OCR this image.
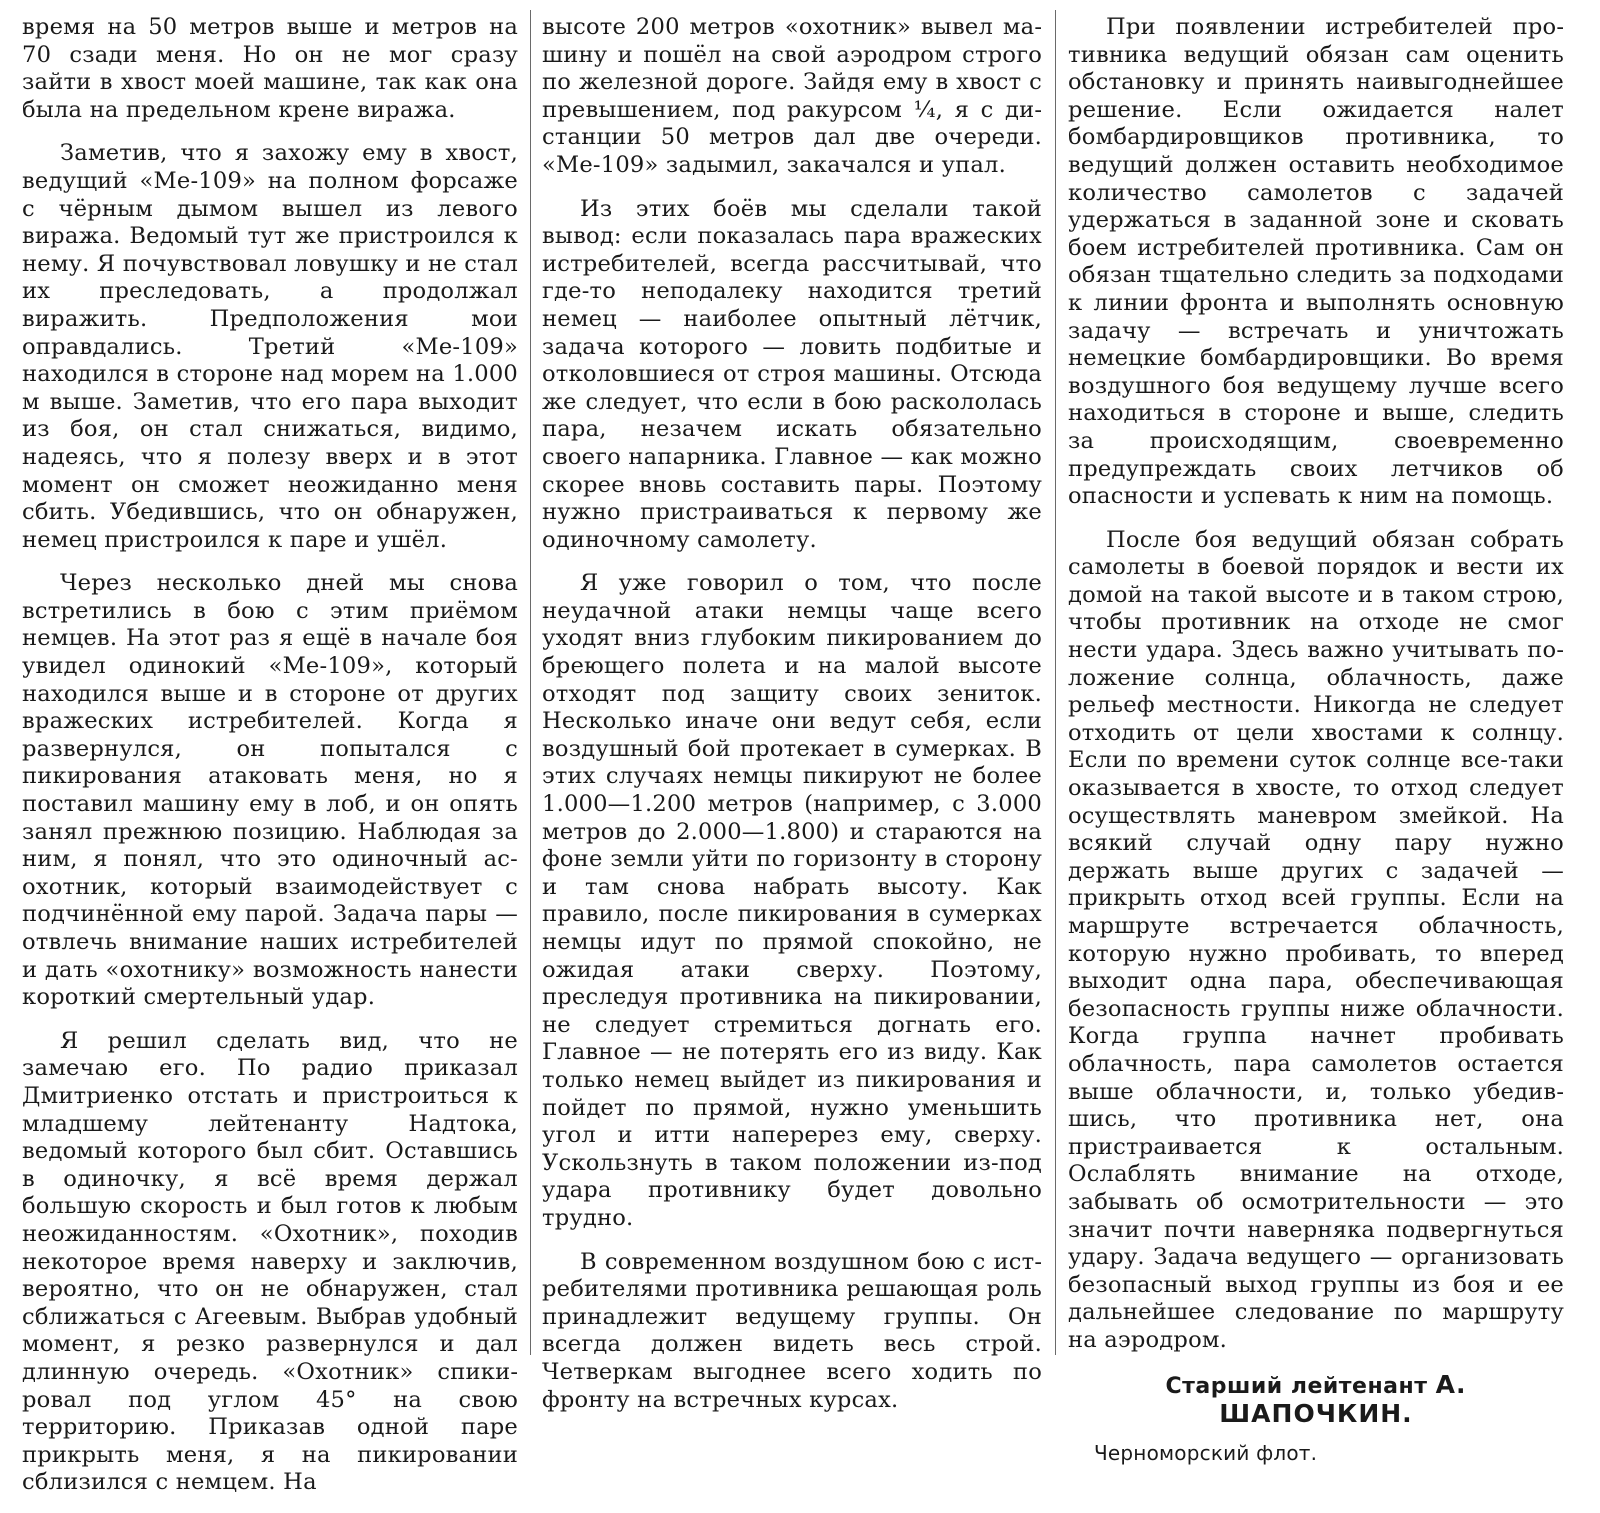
время на 50 метров выше и метров на 70 сзади меня. Но он не мог сразу зайти в хвост моей машине, так как она была на предельном крене виража.

Заметив, что я захожу ему в хвост, ведущий «Ме-109» на полном форсаже с чёрным дымом вышел из левого виража. Ведомый тут же пристроился к нему. Я почувствовал ловушку и не стал их преследовать, а продолжал виражить. Предположения мои оправдались. Третий «Ме-109» находился в стороне над морем на 1.000 м выше. Заметив, что его пара выходит из боя, он стал снижаться, видимо, надеясь, что я полезу вверх и в этот момент он сможет неожиданно меня сбить. Убедившись, что он обнаружен, немец пристроился к паре и ушёл.

Через несколько дней мы снова встретились в бою с этим приёмом немцев. На этот раз я ещё в начале боя увидел одинокий «Ме-109», который находился выше и в стороне от других вражеских истребителей. Когда я развернулся, он попытался с пикирования атаковать меня, но я поставил машину ему в лоб, и он опять занял прежнюю позицию. Наблюдая за ним, я понял, что это одиночный ас-охотник, который взаимодействует с подчинённой ему парой. Задача пары — отвлечь внимание наших истребителей и дать «охотнику» возможность нанести короткий смертельный удар.

Я решил сделать вид, что не замечаю его. По радио приказал Дмитриенко отстать и пристроиться к младшему лейтенанту Надтока, ведомый которого был сбит. Оставшись в одиночку, я всё время держал большую скорость и был готов к любым неожиданностям. «Охотник», походив некоторое время наверху и заключив, вероятно, что он не обнаружен, стал сближаться с Агеевым. Выбрав удобный момент, я резко развернулся и дал длинную очередь. «Охотник» спикировал под углом 45° на свою территорию. Приказав одной паре прикрыть меня, я на пикировании сблизился с немцем. На

высоте 200 метров «охотник» вывел машину и пошёл на свой аэродром строго по железной дороге. Зайдя ему в хвост с превышением, под ракурсом ¼, я с дистанции 50 метров дал две очереди. «Ме-109» задымил, закачался и упал.

Из этих боёв мы сделали такой вывод: если показалась пара вражеских истребителей, всегда рассчитывай, что где-то неподалеку находится третий немец — наиболее опытный лётчик, задача которого — ловить подбитые и отколовшиеся от строя машины. Отсюда же следует, что если в бою раскололась пара, незачем искать обязательно своего напарника. Главное — как можно скорее вновь составить пары. Поэтому нужно пристраиваться к первому же одиночному самолету.

Я уже говорил о том, что после неудачной атаки немцы чаще всего уходят вниз глубоким пикированием до бреющего полета и на малой высоте отходят под защиту своих зениток. Несколько иначе они ведут себя, если воздушный бой протекает в сумерках. В этих случаях немцы пикируют не более 1.000—1.200 метров (например, с 3.000 метров до 2.000—1.800) и стараются на фоне земли уйти по горизонту в сторону и там снова набрать высоту. Как правило, после пикирования в сумерках немцы идут по прямой спокойно, не ожидая атаки сверху. Поэтому, преследуя противника на пикировании, не следует стремиться догнать его. Главное — не потерять его из виду. Как только немец выйдет из пикирования и пойдет по прямой, нужно уменьшить угол и итти наперерез ему, сверху. Ускользнуть в таком положении из-под удара противнику будет довольно трудно.

В современном воздушном бою с истребителями противника решающая роль принадлежит ведущему группы. Он всегда должен видеть весь строй. Четверкам выгоднее всего ходить по фронту на встречных курсах.

При появлении истребителей противника ведущий обязан сам оценить обстановку и принять наивыгоднейшее решение. Если ожидается налет бомбардировщиков противника, то ведущий должен оставить необходимое количество самолетов с задачей удержаться в заданной зоне и сковать боем истребителей противника. Сам он обязан тщательно следить за подходами к линии фронта и выполнять основную задачу — встречать и уничтожать немецкие бомбардировщики. Во время воздушного боя ведущему лучше всего находиться в стороне и выше, следить за происходящим, своевременно предупреждать своих летчиков об опасности и успевать к ним на помощь.

После боя ведущий обязан собрать самолеты в боевой порядок и вести их домой на такой высоте и в таком строю, чтобы противник на отходе не смог нести удара. Здесь важно учитывать положение солнца, облачность, даже рельеф местности. Никогда не следует отходить от цели хвостами к солнцу. Если по времени суток солнце все-таки оказывается в хвосте, то отход следует осуществлять маневром змейкой. На всякий случай одну пару нужно держать выше других с задачей — прикрыть отход всей группы. Если на маршруте встречается облачность, которую нужно пробивать, то вперед выходит одна пара, обеспечивающая безопасность группы ниже облачности. Когда группа начнет пробивать облачность, пара самолетов остается выше облачности, и, только убедившись, что противника нет, она пристраивается к остальным. Ослаблять внимание на отходе, забывать об осмотрительности — это значит почти наверняка подвергнуться удару. Задача ведущего — организовать безопасный выход группы из боя и ее дальнейшее следование по маршруту на аэродром.

Старший лейтенант А. ШАПОЧКИН.
Черноморский флот.
